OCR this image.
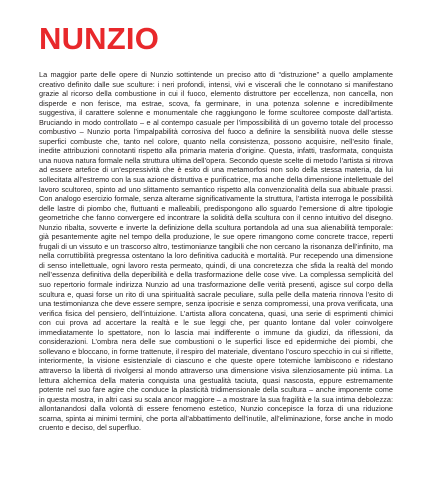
NUNZIO

La maggior parte delle opere di Nunzio sottintende un preciso atto di “distruzione” a quello amplamente creativo definito dalle sue sculture: i neri profondi, intensi, vivi e viscerali che le connotano si manifestano grazie al ricorso della combustione in cui il fuoco, elemento distruttore per eccellenza, non cancella, non disperde e non ferisce, ma estrae, scova, fa germinare, in una potenza solenne e incredibilmente suggestiva, il carattere solenne e monumentale che raggiungono le forme scultoree composte dall’artista. Bruciando in modo controllato – e al contempo casuale per l’impossibilità di un governo totale del processo combustivo – Nunzio porta l’impalpabilità corrosiva del fuoco a definire la sensibilità nuova delle stesse superfici combuste che, tanto nel colore, quanto nella consistenza, possono acquisire, nell’esito finale, inedite attribuzioni connotanti rispetto alla primaria materia d’origine. Questa, infatti, trasformata, conquista una nuova natura formale nella struttura ultima dell’opera. Secondo queste scelte di metodo l’artista si ritrova ad essere artefice di un’espressività che è esito di una metamorfosi non solo della stessa materia, da lui sollecitata all’estremo con la sua azione distruttiva e purificatrice, ma anche della dimensione intellettuale del lavoro scultoreo, spinto ad uno slittamento semantico rispetto alla convenzionalità della sua abituale prassi. Con analogo esercizio formale, senza alterarne significativamente la struttura, l’artista interroga le possibilità delle lastre di piombo che, fluttuanti e malleabili, predispongono allo sguardo l’emersione di altre tipologie geometriche che fanno convergere ed incontrare la solidità della scultura con il cenno intuitivo del disegno. Nunzio ribalta, sovverte e inverte la definizione della scultura portandola ad una sua alienabilità temporale: già pesantemente agite nel tempo della produzione, le sue opere rimangono come concrete tracce, reperti frugali di un vissuto e un trascorso altro, testimonianze tangibili che non cercano la risonanza dell’infinito, ma nella corruttibilità pregressa ostentano la loro definitiva caducità e mortalità. Pur recependo una dimensione di senso intellettuale, ogni lavoro resta permeato, quindi, di una concretezza che sfida la realtà del mondo nell’essenza definitiva della deperibilità e della trasformazione delle cose vive. La complessa semplicità del suo repertorio formale indirizza Nunzio ad una trasformazione delle verità presenti, agisce sul corpo della scultura e, quasi forse un rito di una spiritualità sacrale peculiare, sulla pelle della materia rinnova l’esito di una testimonianza che deve essere sempre, senza ipocrisie e senza compromessi, una prova verificata, una verifica fisica del pensiero, dell’intuizione. L’artista allora concatena, quasi, una serie di esprimenti chimici con cui prova ad accertare la realtà e le sue leggi che, per quanto lontane dal voler coinvolgere immediatamente lo spettatore, non lo lascia mai indifferente o immune da giudizi, da riflessioni, da considerazioni. L’ombra nera delle sue combustioni o le superfici lisce ed epidermiche dei piombi, che sollevano e bloccano, in forme trattenute, il respiro del materiale, diventano l’oscuro specchio in cui si riflette, interiormente, la visione esistenziale di ciascuno e che queste opere totemiche lambiscono e ridestano attraverso la libertà di rivolgersi al mondo attraverso una dimensione visiva silenziosamente più intima. La lettura alchemica della materia conquista una gestualità taciuta, quasi nascosta, eppure estremamente potente nel suo fare agire che conduce la plasticità tridimensionale della scultura – anche imponente come in questa mostra, in altri casi su scala ancor maggiore – a mostrare la sua fragilità e la sua intima debolezza: allontanandosi dalla volontà di essere fenomeno estetico, Nunzio concepisce la forza di una riduzione scarna, spinta ai minimi termini, che porta all’abbattimento dell’inutile, all’eliminazione, forse anche in modo cruento e deciso, del superfluo.
